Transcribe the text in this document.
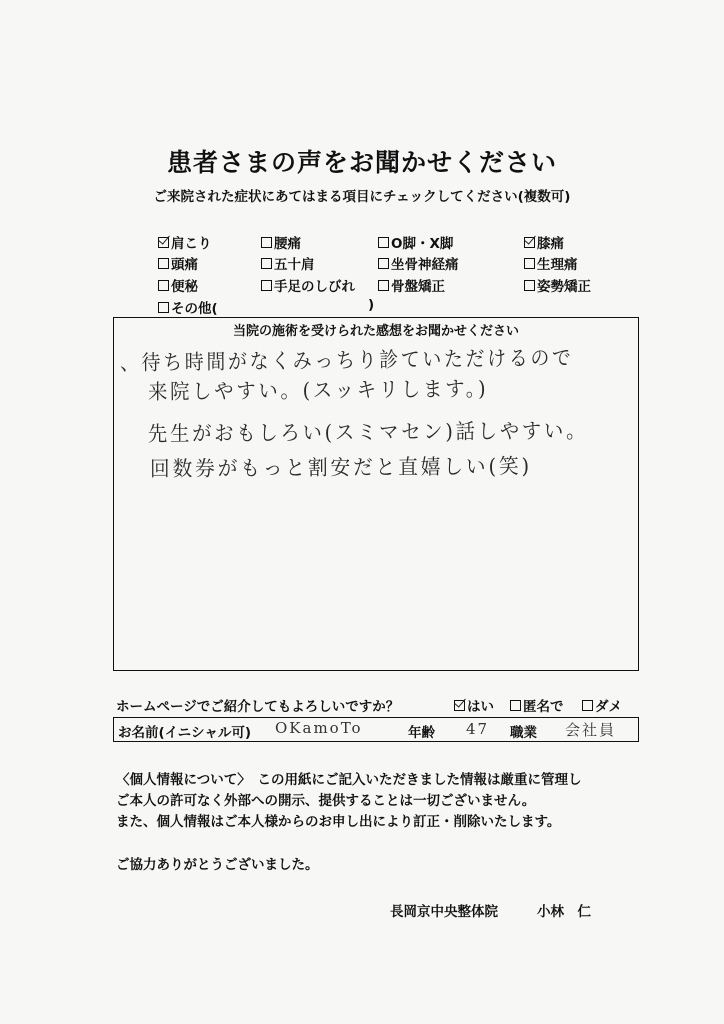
患者さまの声をお聞かせください
ご来院された症状にあてはまる項目にチェックしてください(複数可)
肩こり	腰痛	O脚・X脚	膝痛
頭痛	五十肩	坐骨神経痛	生理痛
便秘	手足のしびれ	骨盤矯正	姿勢矯正
その他(	)
当院の施術を受けられた感想をお聞かせください
、待ち時間がなくみっちり診ていただけるので
来院しやすい。(スッキリします。)
先生がおもしろい(スミマセン)話しやすい。
回数券がもっと割安だと直嬉しい(笑)
ホームページでご紹介してもよろしいですか？	はい 匿名で ダメ
お名前(イニシャル可) OKamoTo	年齢 47 職業 会社員
〈個人情報について〉　この用紙にご記入いただきました情報は厳重に管理し
ご本人の許可なく外部への開示、提供することは一切ございません。
また、個人情報はご本人様からのお申し出により訂正・削除いたします。
ご協力ありがとうございました。
長岡京中央整体院	小林　仁
